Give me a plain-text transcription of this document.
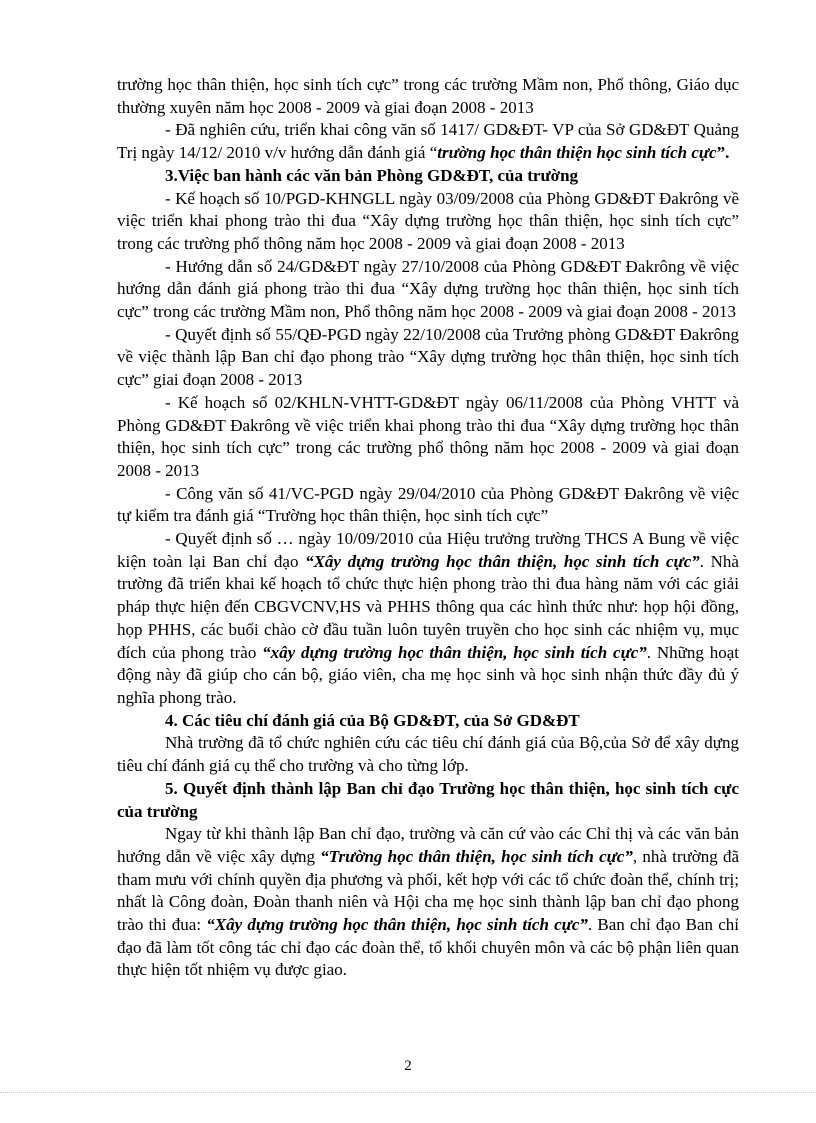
trường học thân thiện, học sinh tích cực” trong các trường Mầm non, Phổ thông, Giáo dục thường xuyên năm học 2008 - 2009 và giai đoạn 2008 - 2013

- Đã nghiên cứu, triển khai công văn số 1417/ GD&ĐT- VP của Sở GD&ĐT Quảng Trị ngày 14/12/ 2010 v/v hướng dẫn đánh giá “trường học thân thiện học sinh tích cực”.

3.Việc ban hành các văn bản Phòng GD&ĐT, của trường

- Kế hoạch số 10/PGD-KHNGLL ngày 03/09/2008 của Phòng GD&ĐT Đakrông về việc triển khai phong trào thi đua “Xây dựng trường học thân thiện, học sinh tích cực” trong các trường phổ thông năm học 2008 - 2009 và giai đoạn 2008 - 2013

- Hướng dẫn số 24/GD&ĐT ngày 27/10/2008 của Phòng GD&ĐT Đakrông về việc hướng dẫn đánh giá phong trào thi đua “Xây dựng trường học thân thiện, học sinh tích cực” trong các trường Mầm non, Phổ thông năm học 2008 - 2009 và giai đoạn 2008 - 2013

- Quyết định số 55/QĐ-PGD ngày 22/10/2008 của Trưởng phòng GD&ĐT Đakrông về việc thành lập Ban chỉ đạo phong trào “Xây dựng trường học thân thiện, học sinh tích cực” giai đoạn 2008 - 2013

- Kế hoạch số 02/KHLN-VHTT-GD&ĐT ngày 06/11/2008 của Phòng VHTT và Phòng GD&ĐT Đakrông về việc triển khai phong trào thi đua “Xây dựng trường học thân thiện, học sinh tích cực” trong các trường phổ thông năm học 2008 - 2009 và giai đoạn 2008 - 2013

- Công văn số 41/VC-PGD ngày 29/04/2010 của Phòng GD&ĐT Đakrông về việc tự kiểm tra đánh giá “Trường học thân thiện, học sinh tích cực”

- Quyết định số … ngày 10/09/2010 của Hiệu trưởng trường THCS A Bung về việc kiện toàn lại Ban chỉ đạo “Xây dựng trường học thân thiện, học sinh tích cực”. Nhà trường đã triển khai kế hoạch tổ chức thực hiện phong trào thi đua hàng năm với các giải pháp thực hiện đến CBGVCNV,HS và PHHS thông qua các hình thức như: họp hội đồng, họp PHHS, các buổi chào cờ đầu tuần luôn tuyên truyền cho học sinh các nhiệm vụ, mục đích của phong trào “xây dựng trường học thân thiện, học sinh tích cực”. Những hoạt động này đã giúp cho cán bộ, giáo viên, cha mẹ học sinh và học sinh nhận thức đầy đủ ý nghĩa phong trào.

4. Các tiêu chí đánh giá của Bộ GD&ĐT, của Sở GD&ĐT

Nhà trường đã tổ chức nghiên cứu các tiêu chí đánh giá của Bộ,của Sở để xây dựng tiêu chí đánh giá cụ thể cho trường và cho từng lớp.

5. Quyết định thành lập Ban chỉ đạo Trường học thân thiện, học sinh tích cực của trường

Ngay từ khi thành lập Ban chỉ đạo, trường và căn cứ vào các Chỉ thị và các văn bản hướng dẫn về việc xây dựng “Trường học thân thiện, học sinh tích cực”, nhà trường đã tham mưu với chính quyền địa phương và phối, kết hợp với các tổ chức đoàn thể, chính trị; nhất là Công đoàn, Đoàn thanh niên và Hội cha mẹ học sinh thành lập ban chỉ đạo phong trào thi đua: “Xây dựng trường học thân thiện, học sinh tích cực”. Ban chỉ đạo Ban chỉ đạo đã làm tốt công tác chỉ đạo các đoàn thể, tổ khối chuyên môn và các bộ phận liên quan thực hiện tốt nhiệm vụ được giao.

2
